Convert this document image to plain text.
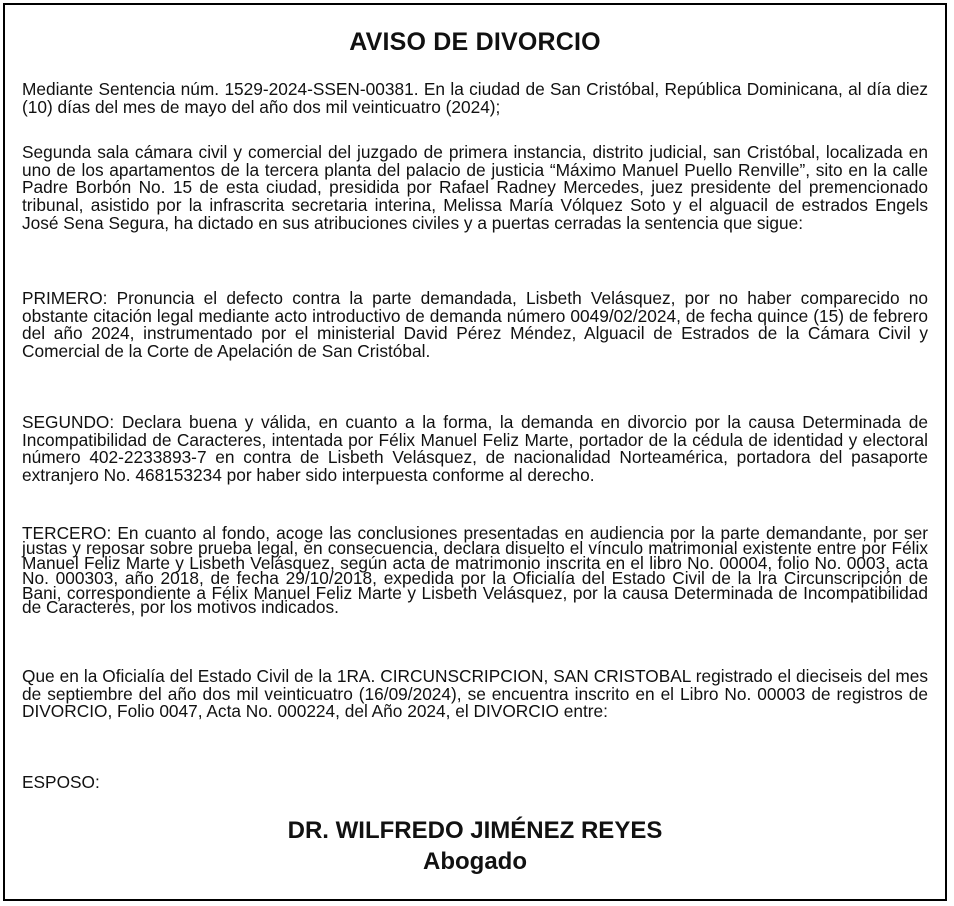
AVISO DE DIVORCIO

Mediante Sentencia núm. 1529-2024-SSEN-00381. En la ciudad de San Cristóbal, República Dominicana, al día diez (10) días del mes de mayo del año dos mil veinticuatro (2024);

Segunda sala cámara civil y comercial del juzgado de primera instancia, distrito judicial, san Cristóbal, localizada en uno de los apartamentos de la tercera planta del palacio de justicia “Máximo Manuel Puello Renville”, sito en la calle Padre Borbón No. 15 de esta ciudad, presidida por Rafael Radney Mercedes, juez presidente del premencionado tribunal, asistido por la infrascrita secretaria interina, Melissa María Vólquez Soto y el alguacil de estrados Engels José Sena Segura, ha dictado en sus atribuciones civiles y a puertas cerradas la sentencia que sigue:

PRIMERO: Pronuncia el defecto contra la parte demandada, Lisbeth Velásquez, por no haber comparecido no obstante citación legal mediante acto introductivo de demanda número 0049/02/2024, de fecha quince (15) de febrero del año 2024, instrumentado por el ministerial David Pérez Méndez, Alguacil de Estrados de la Cámara Civil y Comercial de la Corte de Apelación de San Cristóbal.

SEGUNDO: Declara buena y válida, en cuanto a la forma, la demanda en divorcio por la causa Determinada de Incompatibilidad de Caracteres, intentada por Félix Manuel Feliz Marte, portador de la cédula de identidad y electoral número 402-2233893-7 en contra de Lisbeth Velásquez, de nacionalidad Norteamérica, portadora del pasaporte extranjero No. 468153234 por haber sido interpuesta conforme al derecho.

TERCERO: En cuanto al fondo, acoge las conclusiones presentadas en audiencia por la parte demandante, por ser justas y reposar sobre prueba legal, en consecuencia, declara disuelto el vínculo matrimonial existente entre por Félix Manuel Feliz Marte y Lisbeth Velásquez, según acta de matrimonio inscrita en el libro No. 00004, folio No. 0003, acta No. 000303, año 2018, de fecha 29/10/2018, expedida por la Oficialía del Estado Civil de la lra Circunscripción de Bani, correspondiente a Félix Manuel Feliz Marte y Lisbeth Velásquez, por la causa Determinada de Incompatibilidad de Caracteres, por los motivos indicados.

Que en la Oficialía del Estado Civil de la 1RA. CIRCUNSCRIPCION, SAN CRISTOBAL registrado el dieciseis del mes de septiembre del año dos mil veinticuatro (16/09/2024), se encuentra inscrito en el Libro No. 00003 de registros de DIVORCIO, Folio 0047, Acta No. 000224, del Año 2024, el DIVORCIO entre:

ESPOSO:

DR. WILFREDO JIMÉNEZ REYES

Abogado
